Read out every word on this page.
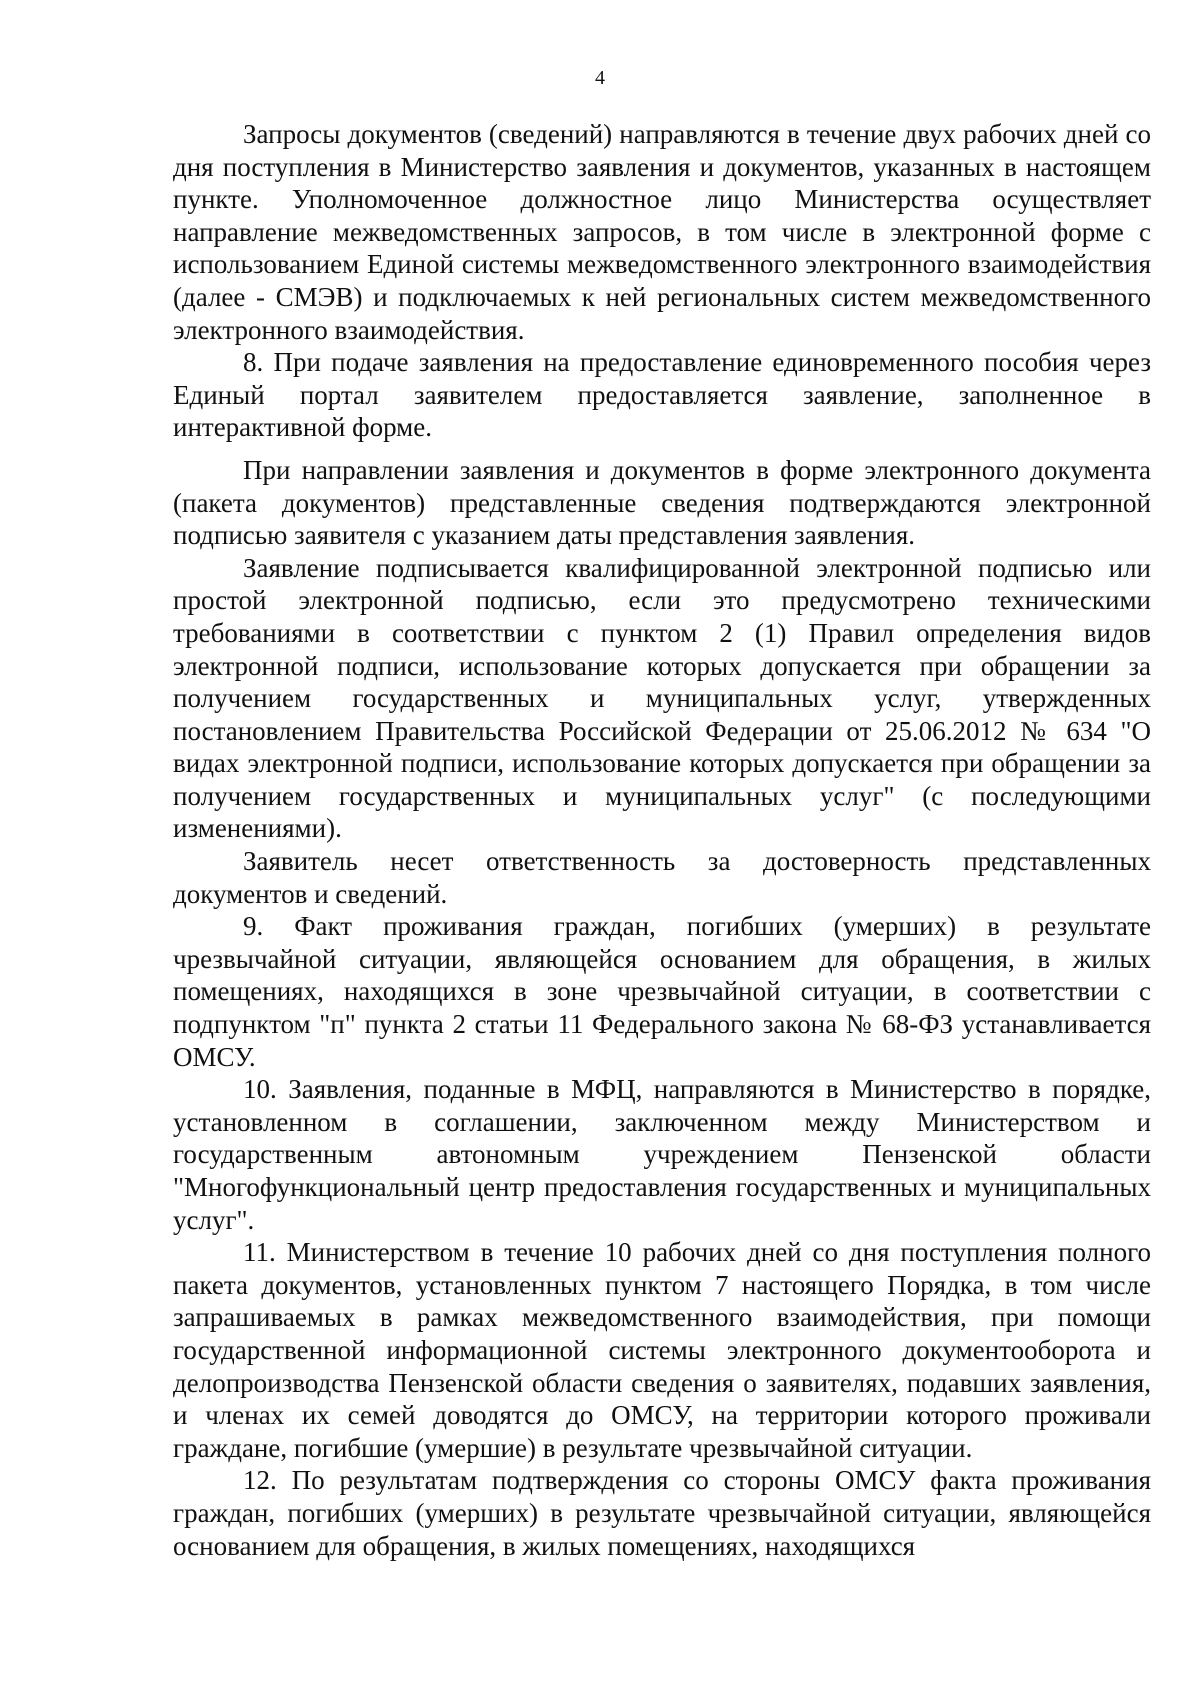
4

Запросы документов (сведений) направляются в течение двух рабочих дней со дня поступления в Министерство заявления и документов, указанных в настоящем пункте. Уполномоченное должностное лицо Министерства осуществляет направление межведомственных запросов, в том числе в электронной форме с использованием Единой системы межведомственного электронного взаимодействия (далее - СМЭВ) и подключаемых к ней региональных систем межведомственного электронного взаимодействия.

8. При подаче заявления на предоставление единовременного пособия через Единый портал заявителем предоставляется заявление, заполненное в интерактивной форме.

При направлении заявления и документов в форме электронного документа (пакета документов) представленные сведения подтверждаются электронной подписью заявителя с указанием даты представления заявления.

Заявление подписывается квалифицированной электронной подписью или простой электронной подписью, если это предусмотрено техническими требованиями в соответствии с пунктом 2 (1) Правил определения видов электронной подписи, использование которых допускается при обращении за получением государственных и муниципальных услуг, утвержденных постановлением Правительства Российской Федерации от 25.06.2012 № 634 "О видах электронной подписи, использование которых допускается при обращении за получением государственных и муниципальных услуг" (с последующими изменениями).

Заявитель несет ответственность за достоверность представленных документов и сведений.

9. Факт проживания граждан, погибших (умерших) в результате чрезвычайной ситуации, являющейся основанием для обращения, в жилых помещениях, находящихся в зоне чрезвычайной ситуации, в соответствии с подпунктом "п" пункта 2 статьи 11 Федерального закона № 68-ФЗ устанавливается ОМСУ.

10. Заявления, поданные в МФЦ, направляются в Министерство в порядке, установленном в соглашении, заключенном между Министерством и государственным автономным учреждением Пензенской области "Многофункциональный центр предоставления государственных и муниципальных услуг".

11. Министерством в течение 10 рабочих дней со дня поступления полного пакета документов, установленных пунктом 7 настоящего Порядка, в том числе запрашиваемых в рамках межведомственного взаимодействия, при помощи государственной информационной системы электронного документооборота и делопроизводства Пензенской области сведения о заявителях, подавших заявления, и членах их семей доводятся до ОМСУ, на территории которого проживали граждане, погибшие (умершие) в результате чрезвычайной ситуации.

12. По результатам подтверждения со стороны ОМСУ факта проживания граждан, погибших (умерших) в результате чрезвычайной ситуации, являющейся основанием для обращения, в жилых помещениях, находящихся
